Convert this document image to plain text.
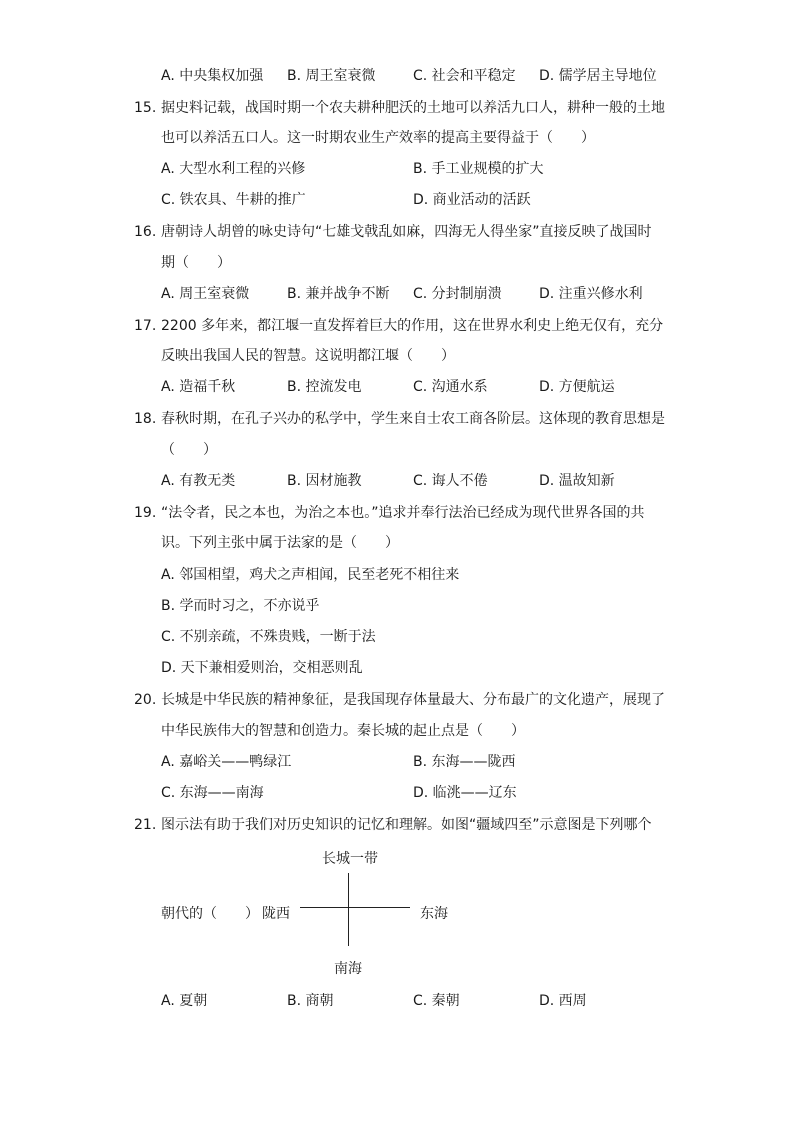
A. 中央集权加强 B. 周王室衰微	C. 社会和平稳定 D. 儒学居主导地位
15. 据史料记载，战国时期一个农夫耕种肥沃的土地可以养活九口人，耕种一般的土地
也可以养活五口人。这一时期农业生产效率的提高主要得益于（　　）
A. 大型水利工程的兴修	B. 手工业规模的扩大
C. 铁农具、牛耕的推广	D. 商业活动的活跃
16. 唐朝诗人胡曾的咏史诗句“七雄戈戟乱如麻，四海无人得坐家”直接反映了战国时
期（　　）
A. 周王室衰微	B. 兼并战争不断 C. 分封制崩溃	D. 注重兴修水利
17. 2200 多年来，都江堰一直发挥着巨大的作用，这在世界水利史上绝无仅有，充分
反映出我国人民的智慧。这说明都江堰（　　）
A. 造福千秋	B. 控流发电	C. 沟通水系	D. 方便航运
18. 春秋时期，在孔子兴办的私学中，学生来自士农工商各阶层。这体现的教育思想是
（　　）
A. 有教无类	B. 因材施教	C. 诲人不倦	D. 温故知新
19. “法令者，民之本也，为治之本也。”追求并奉行法治已经成为现代世界各国的共
识。下列主张中属于法家的是（　　）
A. 邻国相望，鸡犬之声相闻，民至老死不相往来
B. 学而时习之，不亦说乎
C. 不别亲疏，不殊贵贱，一断于法
D. 天下兼相爱则治，交相恶则乱
20. 长城是中华民族的精神象征，是我国现存体量最大、分布最广的文化遗产，展现了
中华民族伟大的智慧和创造力。秦长城的起止点是（　　）
A. 嘉峪关——鸭绿江	B. 东海——陇西
C. 东海——南海	D. 临洮——辽东
21. 图示法有助于我们对历史知识的记忆和理解。如图“疆域四至”示意图是下列哪个
朝代的（　　）
长城一带
陇西	东海
南海
A. 夏朝	B. 商朝	C. 秦朝	D. 西周
